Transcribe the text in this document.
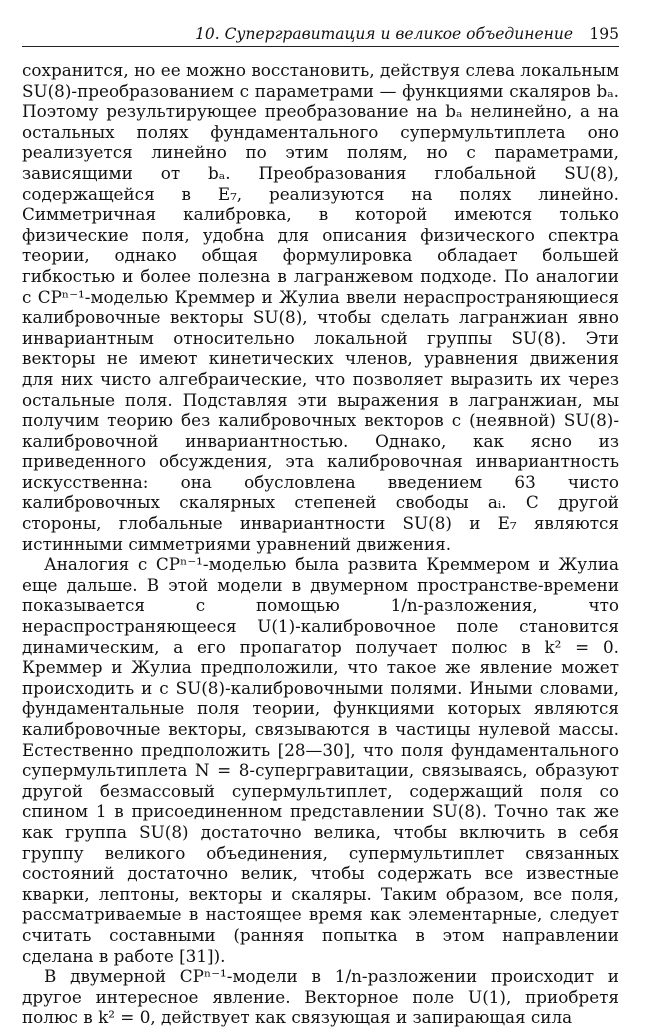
10. Супергравитация и великое объединение 195

сохранится, но ее можно восстановить, действуя слева локальным SU(8)-преобразованием с параметрами — функциями скаляров bₐ. Поэтому результирующее преобразование на bₐ нелинейно, а на остальных полях фундаментального супермультиплета оно реализуется линейно по этим полям, но с параметрами, зависящими от bₐ. Преобразования глобальной SU(8), содержащейся в E₇, реализуются на полях линейно. Симметричная калибровка, в которой имеются только физические поля, удобна для описания физического спектра теории, однако общая формулировка обладает большей гибкостью и более полезна в лагранжевом подходе. По аналогии с CPⁿ⁻¹-моделью Креммер и Жулиа ввели нераспространяющиеся калибровочные векторы SU(8), чтобы сделать лагранжиан явно инвариантным относительно локальной группы SU(8). Эти векторы не имеют кинетических членов, уравнения движения для них чисто алгебраические, что позволяет выразить их через остальные поля. Подставляя эти выражения в лагранжиан, мы получим теорию без калибровочных векторов с (неявной) SU(8)-калибровочной инвариантностью. Однако, как ясно из приведенного обсуждения, эта калибровочная инвариантность искусственна: она обусловлена введением 63 чисто калибровочных скалярных степеней свободы aᵢ. С другой стороны, глобальные инвариантности SU(8) и E₇ являются истинными симметриями уравнений движения.

Аналогия с CPⁿ⁻¹-моделью была развита Креммером и Жулиа еще дальше. В этой модели в двумерном пространстве-времени показывается с помощью 1/n-разложения, что нераспространяющееся U(1)-калибровочное поле становится динамическим, а его пропагатор получает полюс в k² = 0. Креммер и Жулиа предположили, что такое же явление может происходить и с SU(8)-калибровочными полями. Иными словами, фундаментальные поля теории, функциями которых являются калибровочные векторы, связываются в частицы нулевой массы. Естественно предположить [28—30], что поля фундаментального супермультиплета N = 8-супергравитации, связываясь, образуют другой безмассовый супермультиплет, содержащий поля со спином 1 в присоединенном представлении SU(8). Точно так же как группа SU(8) достаточно велика, чтобы включить в себя группу великого объединения, супермультиплет связанных состояний достаточно велик, чтобы содержать все известные кварки, лептоны, векторы и скаляры. Таким образом, все поля, рассматриваемые в настоящее время как элементарные, следует считать составными (ранняя попытка в этом направлении сделана в работе [31]).

В двумерной CPⁿ⁻¹-модели в 1/n-разложении происходит и другое интересное явление. Векторное поле U(1), приобретя полюс в k² = 0, действует как связующая и запирающая сила
